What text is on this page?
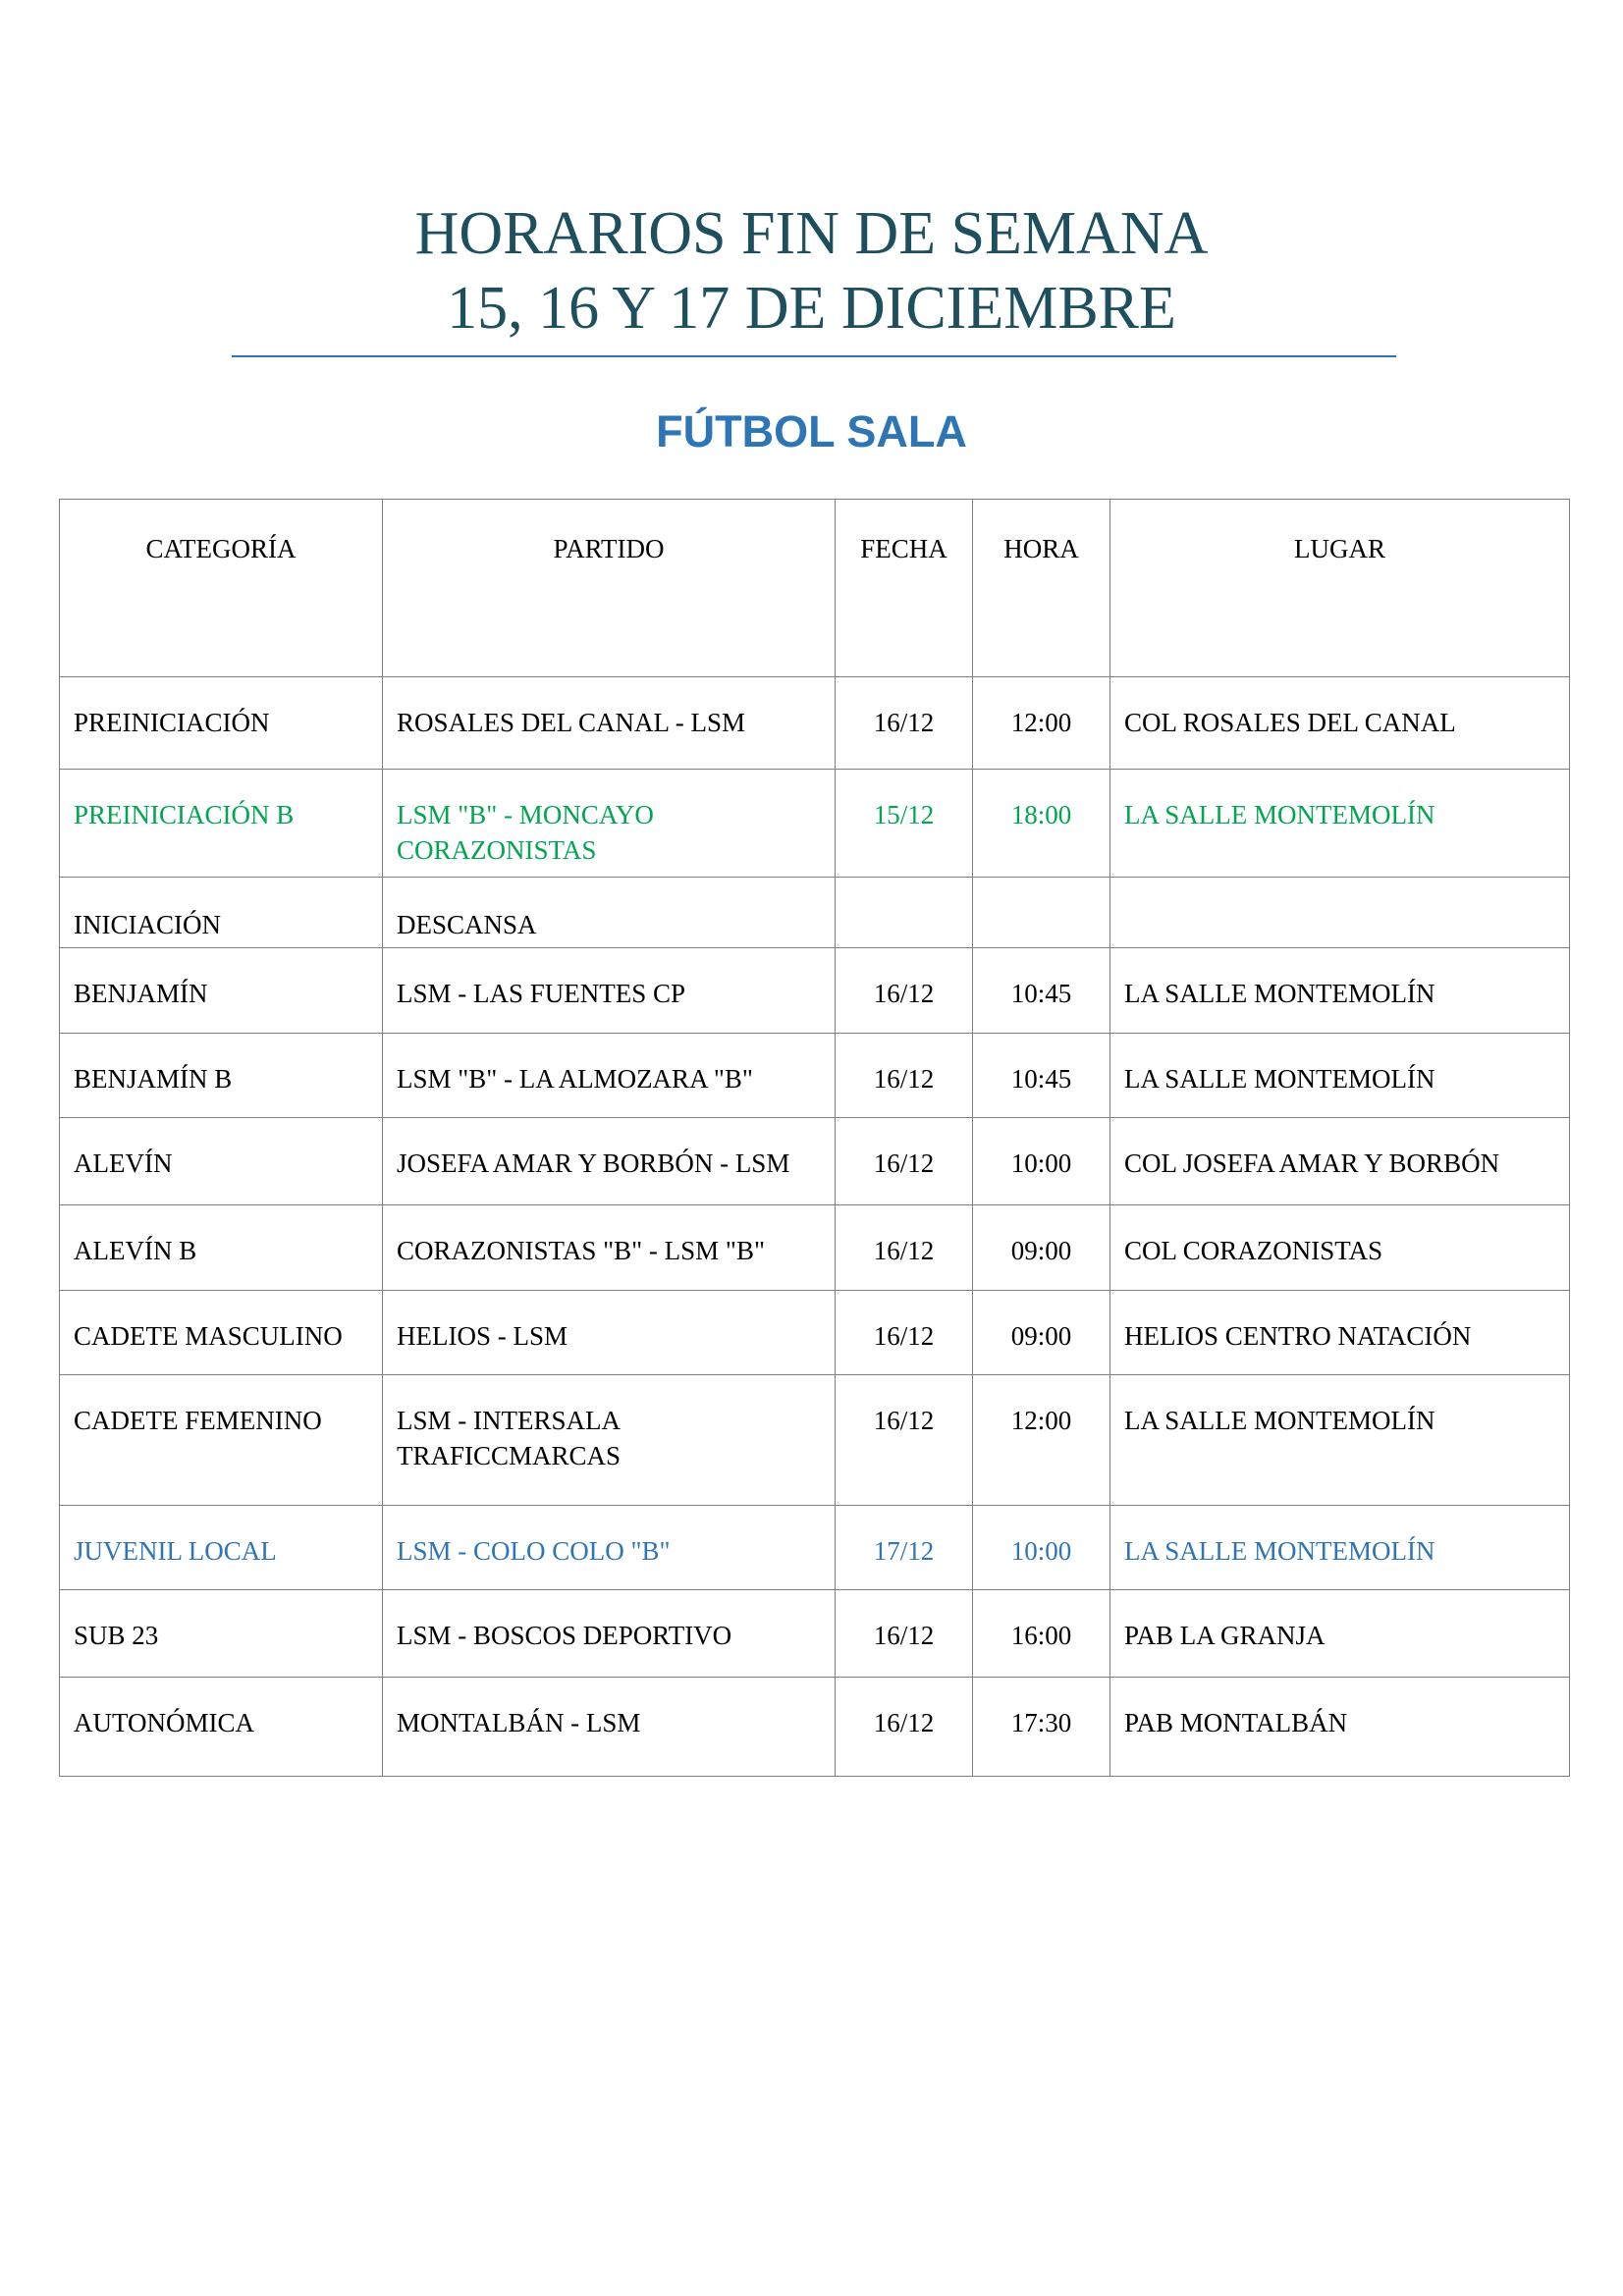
HORARIOS FIN DE SEMANA
15, 16 Y 17 DE DICIEMBRE
FÚTBOL SALA
CATEGORÍA	PARTIDO	FECHA	HORA	LUGAR
PREINICIACIÓN	ROSALES DEL CANAL - LSM	16/12	12:00	COL ROSALES DEL CANAL
PREINICIACIÓN B	LSM "B" - MONCAYO CORAZONISTAS	15/12	18:00	LA SALLE MONTEMOLÍN
INICIACIÓN	DESCANSA			
BENJAMÍN	LSM - LAS FUENTES CP	16/12	10:45	LA SALLE MONTEMOLÍN
BENJAMÍN B	LSM "B" - LA ALMOZARA "B"	16/12	10:45	LA SALLE MONTEMOLÍN
ALEVÍN	JOSEFA AMAR Y BORBÓN - LSM	16/12	10:00	COL JOSEFA AMAR Y BORBÓN
ALEVÍN B	CORAZONISTAS "B" - LSM "B"	16/12	09:00	COL CORAZONISTAS
CADETE MASCULINO	HELIOS - LSM	16/12	09:00	HELIOS CENTRO NATACIÓN
CADETE FEMENINO	LSM - INTERSALA TRAFICCMARCAS	16/12	12:00	LA SALLE MONTEMOLÍN
JUVENIL LOCAL	LSM - COLO COLO "B"	17/12	10:00	LA SALLE MONTEMOLÍN
SUB 23	LSM - BOSCOS DEPORTIVO	16/12	16:00	PAB LA GRANJA
AUTONÓMICA	MONTALBÁN - LSM	16/12	17:30	PAB MONTALBÁN
